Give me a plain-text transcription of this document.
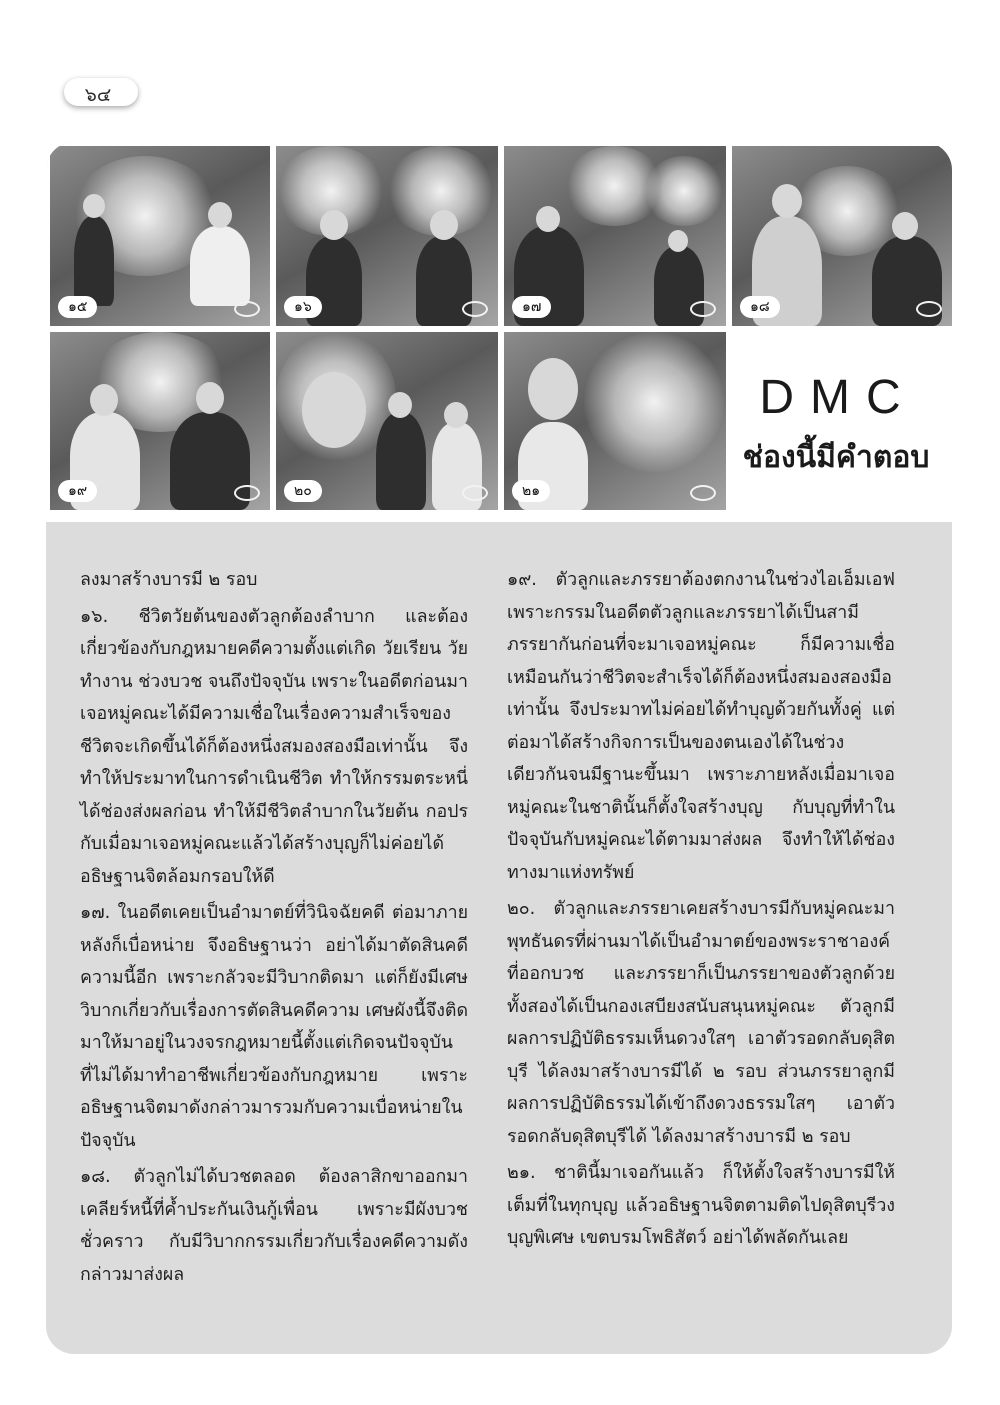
๖๔
๑๕	๑๖	๑๗	๑๘
๑๙	๒๐	๒๑
DMC
ช่องนี้มีคำตอบ

ลงมาสร้างบารมี ๒ รอบ

๑๖. ชีวิตวัยต้นของตัวลูกต้องลำบาก และต้องเกี่ยวข้องกับกฎหมายคดีความตั้งแต่เกิด วัยเรียน วัยทำงาน ช่วงบวช จนถึงปัจจุบัน เพราะในอดีตก่อนมาเจอหมู่คณะได้มีความเชื่อในเรื่องความสำเร็จของชีวิตจะเกิดขึ้นได้ก็ต้องหนึ่งสมองสองมือเท่านั้น จึงทำให้ประมาทในการดำเนินชีวิต ทำให้กรรมตระหนี่ได้ช่องส่งผลก่อน ทำให้มีชีวิตลำบากในวัยต้น กอปรกับเมื่อมาเจอหมู่คณะแล้วได้สร้างบุญก็ไม่ค่อยได้อธิษฐานจิตล้อมกรอบให้ดี

๑๗. ในอดีตเคยเป็นอำมาตย์ที่วินิจฉัยคดี ต่อมาภายหลังก็เบื่อหน่าย จึงอธิษฐานว่า อย่าได้มาตัดสินคดีความนี้อีก เพราะกลัวจะมีวิบากติดมา แต่ก็ยังมีเศษวิบากเกี่ยวกับเรื่องการตัดสินคดีความ เศษผังนี้จึงติดมาให้มาอยู่ในวงจรกฎหมายนี้ตั้งแต่เกิดจนปัจจุบัน ที่ไม่ได้มาทำอาชีพเกี่ยวข้องกับกฎหมาย เพราะอธิษฐานจิตมาดังกล่าวมารวมกับความเบื่อหน่ายในปัจจุบัน

๑๘. ตัวลูกไม่ได้บวชตลอด ต้องลาสิกขาออกมาเคลียร์หนี้ที่ค้ำประกันเงินกู้เพื่อน เพราะมีผังบวชชั่วคราว กับมีวิบากกรรมเกี่ยวกับเรื่องคดีความดังกล่าวมาส่งผล

๑๙. ตัวลูกและภรรยาต้องตกงานในช่วงไอเอ็มเอฟ เพราะกรรมในอดีตตัวลูกและภรรยาได้เป็นสามีภรรยากันก่อนที่จะมาเจอหมู่คณะ ก็มีความเชื่อเหมือนกันว่าชีวิตจะสำเร็จได้ก็ต้องหนึ่งสมองสองมือเท่านั้น จึงประมาทไม่ค่อยได้ทำบุญด้วยกันทั้งคู่ แต่ต่อมาได้สร้างกิจการเป็นของตนเองได้ในช่วงเดียวกันจนมีฐานะขึ้นมา เพราะภายหลังเมื่อมาเจอหมู่คณะในชาตินั้นก็ตั้งใจสร้างบุญ กับบุญที่ทำในปัจจุบันกับหมู่คณะได้ตามมาส่งผล จึงทำให้ได้ช่องทางมาแห่งทรัพย์

๒๐. ตัวลูกและภรรยาเคยสร้างบารมีกับหมู่คณะมาพุทธันดรที่ผ่านมาได้เป็นอำมาตย์ของพระราชาองค์ที่ออกบวช และภรรยาก็เป็นภรรยาของตัวลูกด้วย ทั้งสองได้เป็นกองเสบียงสนับสนุนหมู่คณะ ตัวลูกมีผลการปฏิบัติธรรมเห็นดวงใสๆ เอาตัวรอดกลับดุสิตบุรี ได้ลงมาสร้างบารมีได้ ๒ รอบ ส่วนภรรยาลูกมีผลการปฏิบัติธรรมได้เข้าถึงดวงธรรมใสๆ เอาตัวรอดกลับดุสิตบุรีได้ ได้ลงมาสร้างบารมี ๒ รอบ

๒๑. ชาตินี้มาเจอกันแล้ว ก็ให้ตั้งใจสร้างบารมีให้เต็มที่ในทุกบุญ แล้วอธิษฐานจิตตามติดไปดุสิตบุรีวงบุญพิเศษ เขตบรมโพธิสัตว์ อย่าได้พลัดกันเลย
